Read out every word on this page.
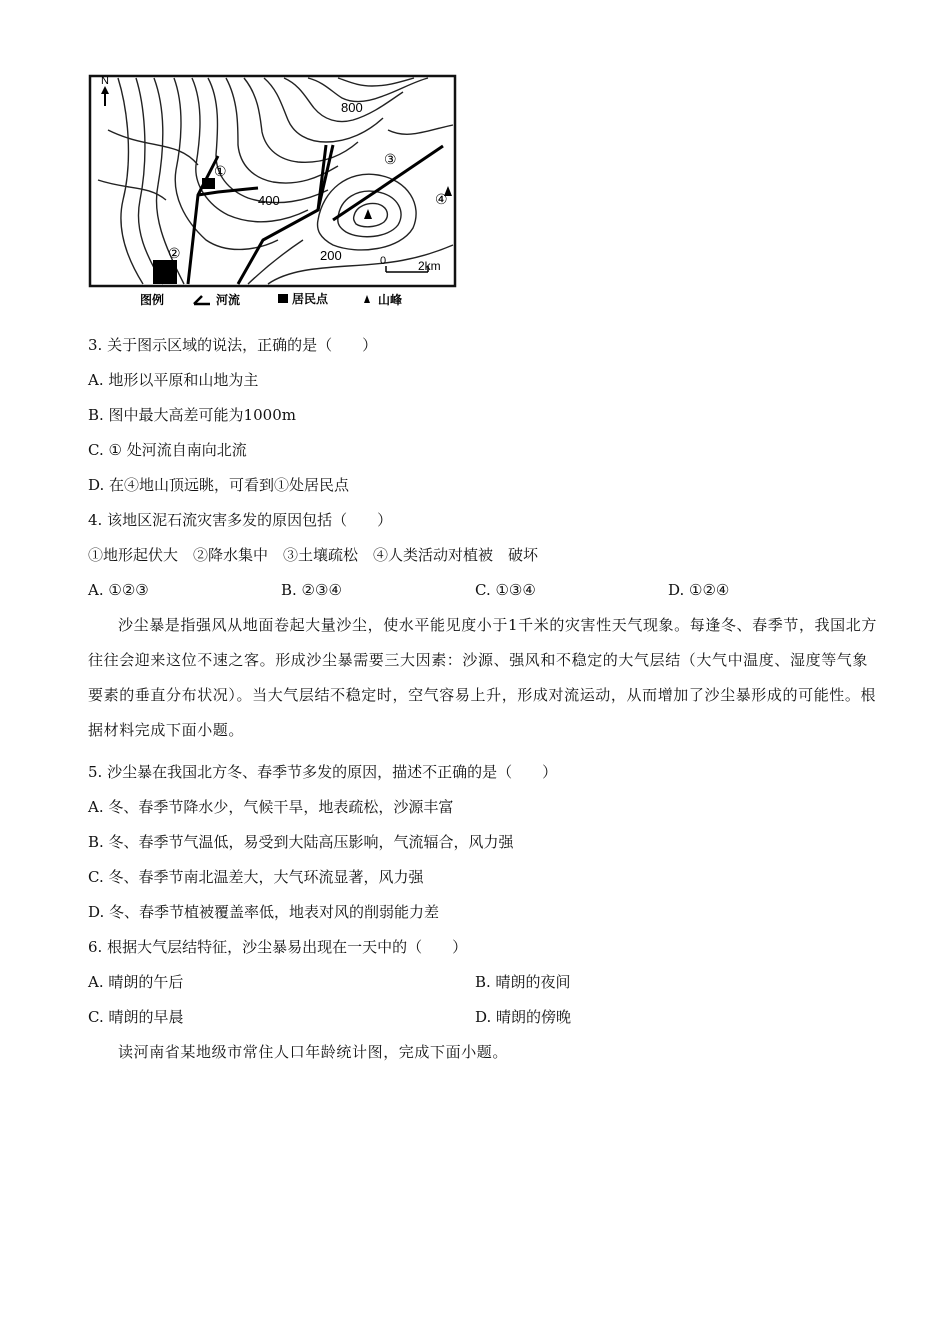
N
800
400
200
①
②
③
④
0	2km
图例	河流	居民点	山峰
3. 关于图示区域的说法，正确的是（　　）
A. 地形以平原和山地为主
B. 图中最大高差可能为1000m
C. ① 处河流自南向北流
D. 在④地山顶远眺，可看到①处居民点
4. 该地区泥石流灾害多发的原因包括（　　）
①地形起伏大　②降水集中　③土壤疏松　④人类活动对植被　破坏
A. ①②③	B. ②③④	C. ①③④	D. ①②④

沙尘暴是指强风从地面卷起大量沙尘，使水平能见度小于1千米的灾害性天气现象。每逢冬、春季节，我国北方往往会迎来这位不速之客。形成沙尘暴需要三大因素：沙源、强风和不稳定的大气层结（大气中温度、湿度等气象要素的垂直分布状况）。当大气层结不稳定时，空气容易上升，形成对流运动，从而增加了沙尘暴形成的可能性。根据材料完成下面小题。

5. 沙尘暴在我国北方冬、春季节多发的原因，描述不正确的是（　　）
A. 冬、春季节降水少，气候干旱，地表疏松，沙源丰富
B. 冬、春季节气温低，易受到大陆高压影响，气流辐合，风力强
C. 冬、春季节南北温差大，大气环流显著，风力强
D. 冬、春季节植被覆盖率低，地表对风的削弱能力差
6. 根据大气层结特征，沙尘暴易出现在一天中的（　　）
A. 晴朗的午后	B. 晴朗的夜间
C. 晴朗的早晨	D. 晴朗的傍晚
读河南省某地级市常住人口年龄统计图，完成下面小题。
